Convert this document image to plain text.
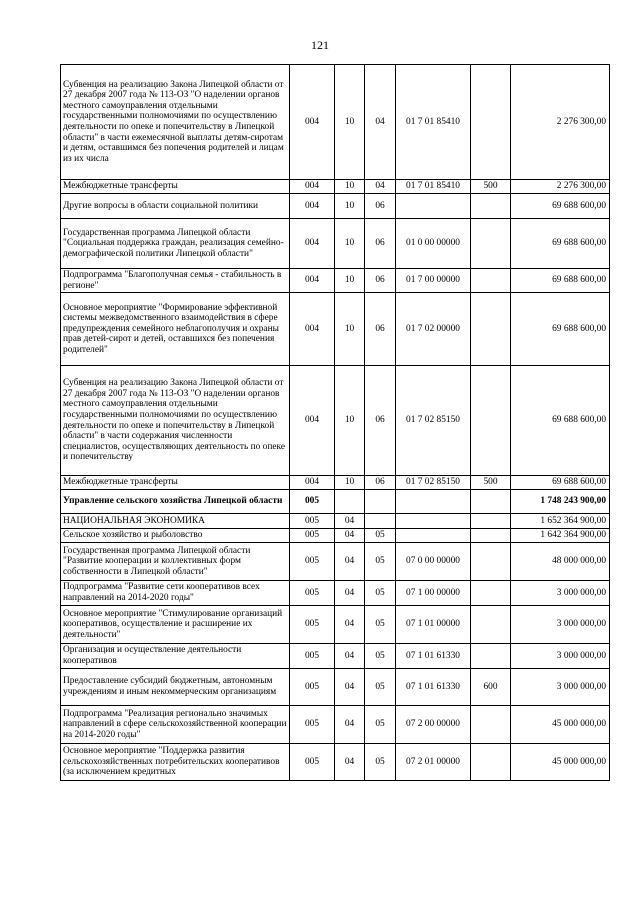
121
Субвенция на реализацию Закона Липецкой области от 27 декабря 2007 года № 113-ОЗ "О наделении органов местного самоуправления отдельными государственными полномочиями по осуществлению деятельности по опеке и попечительству в Липецкой области" в части ежемесячной выплаты детям-сиротам и детям, оставшимся без попечения родителей и лицам из их числа	004	10	04	01 7 01 85410		2 276 300,00
Межбюджетные трансферты	004	10	04	01 7 01 85410	500	2 276 300,00
Другие вопросы в области социальной политики	004	10	06			69 688 600,00
Государственная программа Липецкой области "Социальная поддержка граждан, реализация семейно-демографической политики Липецкой области"	004	10	06	01 0 00 00000		69 688 600,00
Подпрограмма "Благополучная семья - стабильность в регионе"	004	10	06	01 7 00 00000		69 688 600,00
Основное мероприятие "Формирование эффективной системы межведомственного взаимодействия в сфере предупреждения семейного неблагополучия и охраны прав детей-сирот и детей, оставшихся без попечения родителей"	004	10	06	01 7 02 00000		69 688 600,00
Субвенция на реализацию Закона Липецкой области от 27 декабря 2007 года № 113-ОЗ "О наделении органов местного самоуправления отдельными государственными полномочиями по осуществлению деятельности по опеке и попечительству в Липецкой области" в части содержания численности специалистов, осуществляющих деятельность по опеке и попечительству	004	10	06	01 7 02 85150		69 688 600,00
Межбюджетные трансферты	004	10	06	01 7 02 85150	500	69 688 600,00
Управление сельского хозяйства Липецкой области	005					1 748 243 900,00
НАЦИОНАЛЬНАЯ ЭКОНОМИКА	005	04				1 652 364 900,00
Сельское хозяйство и рыболовство	005	04	05			1 642 364 900,00
Государственная программа Липецкой области "Развитие кооперации и коллективных форм собственности в Липецкой области"	005	04	05	07 0 00 00000		48 000 000,00
Подпрограмма "Развитие сети кооперативов всех направлений на 2014-2020 годы"	005	04	05	07 1 00 00000		3 000 000,00
Основное мероприятие "Стимулирование организаций кооперативов, осуществление и расширение их деятельности"	005	04	05	07 1 01 00000		3 000 000,00
Организация и осуществление деятельности кооперативов	005	04	05	07 1 01 61330		3 000 000,00
Предоставление субсидий бюджетным, автономным учреждениям и иным некоммерческим организациям	005	04	05	07 1 01 61330	600	3 000 000,00
Подпрограмма "Реализация регионально значимых направлений в сфере сельскохозяйственной кооперации на 2014-2020 годы"	005	04	05	07 2 00 00000		45 000 000,00
Основное мероприятие "Поддержка развития сельскохозяйственных потребительских кооперативов (за исключением кредитных	005	04	05	07 2 01 00000		45 000 000,00
